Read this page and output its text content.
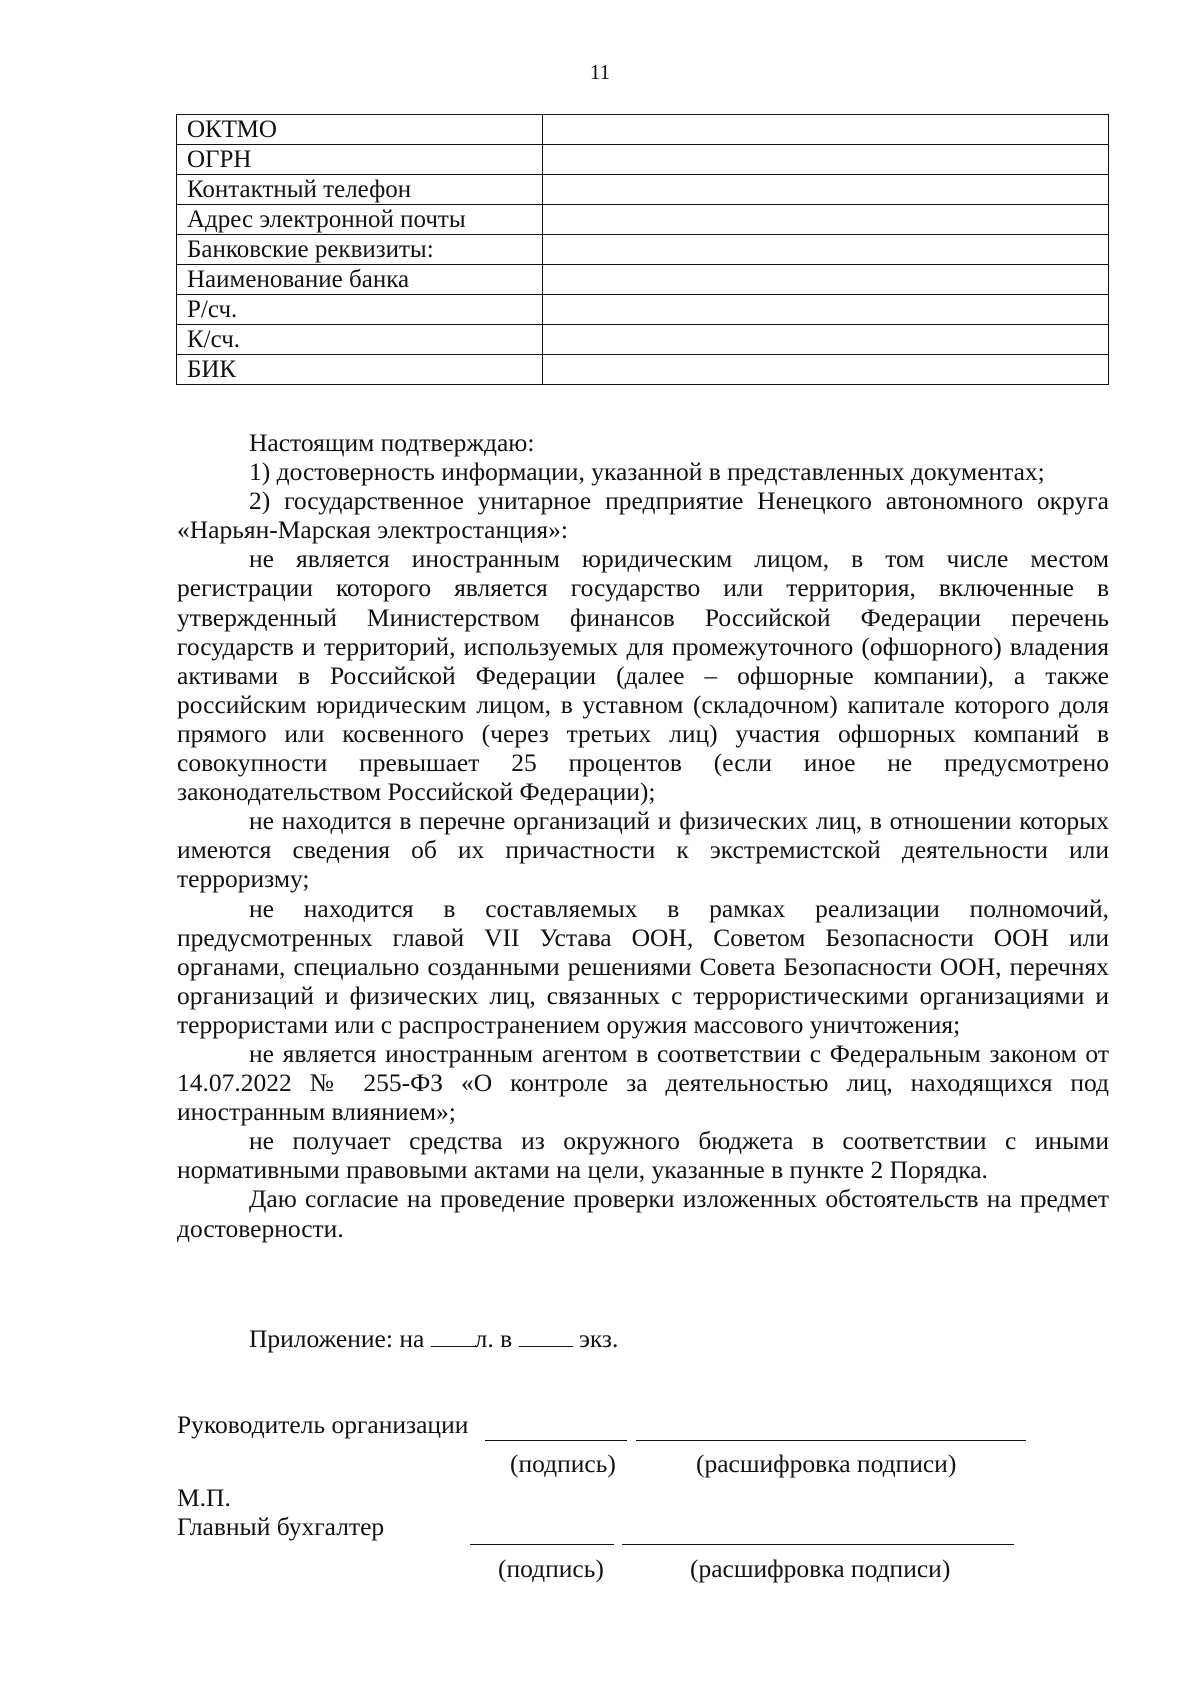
11
ОКТМО	
ОГРН	
Контактный телефон	
Адрес электронной почты	
Банковские реквизиты:	
Наименование банка	
Р/сч.	
К/сч.	
БИК	

Настоящим подтверждаю:

1) достоверность информации, указанной в представленных документах;

2) государственное унитарное предприятие Ненецкого автономного округа «Нарьян-Марская электростанция»:

не является иностранным юридическим лицом, в том числе местом регистрации которого является государство или территория, включенные в утвержденный Министерством финансов Российской Федерации перечень государств и территорий, используемых для промежуточного (офшорного) владения активами в Российской Федерации (далее – офшорные компании), а также российским юридическим лицом, в уставном (складочном) капитале которого доля прямого или косвенного (через третьих лиц) участия офшорных компаний в совокупности превышает 25 процентов (если иное не предусмотрено законодательством Российской Федерации);

не находится в перечне организаций и физических лиц, в отношении которых имеются сведения об их причастности к экстремистской деятельности или терроризму;

не находится в составляемых в рамках реализации полномочий, предусмотренных главой VII Устава ООН, Советом Безопасности ООН или органами, специально созданными решениями Совета Безопасности ООН, перечнях организаций и физических лиц, связанных с террористическими организациями и террористами или с распространением оружия массового уничтожения;

не является иностранным агентом в соответствии с Федеральным законом от 14.07.2022 № 255-ФЗ «О контроле за деятельностью лиц, находящихся под иностранным влиянием»;

не получает средства из окружного бюджета в соответствии с иными нормативными правовыми актами на цели, указанные в пункте 2 Порядка.

Даю согласие на проведение проверки изложенных обстоятельств на предмет достоверности.

Приложение: на л. в	экз.
Руководитель организации
(подпись)	(расшифровка подписи)
М.П.
Главный бухгалтер
(подпись)	(расшифровка подписи)
